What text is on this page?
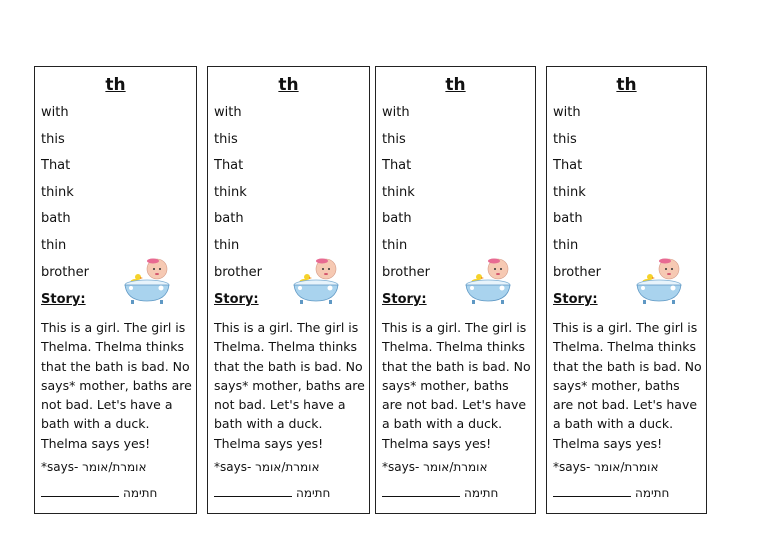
th
with
this
That
think
bath
thin
brother
Story:
This is a girl. The girl is Thelma. Thelma thinks that the bath is bad. No says* mother, baths are not bad. Let's have a bath with a duck. Thelma says yes!
*says- אומרת/אומר
חתימה
th
with
this
That
think
bath
thin
brother
Story:
This is a girl. The girl is Thelma. Thelma thinks that the bath is bad. No says* mother, baths are not bad. Let's have a bath with a duck. Thelma says yes!
*says- אומרת/אומר
חתימה
th
with
this
That
think
bath
thin
brother
Story:
This is a girl. The girl is Thelma. Thelma thinks that the bath is bad. No says* mother, baths are not bad. Let's have a bath with a duck. Thelma says yes!
*says- אומרת/אומר
חתימה
th
with
this
That
think
bath
thin
brother
Story:
This is a girl. The girl is Thelma. Thelma thinks that the bath is bad. No says* mother, baths are not bad. Let's have a bath with a duck. Thelma says yes!
*says- אומרת/אומר
חתימה
